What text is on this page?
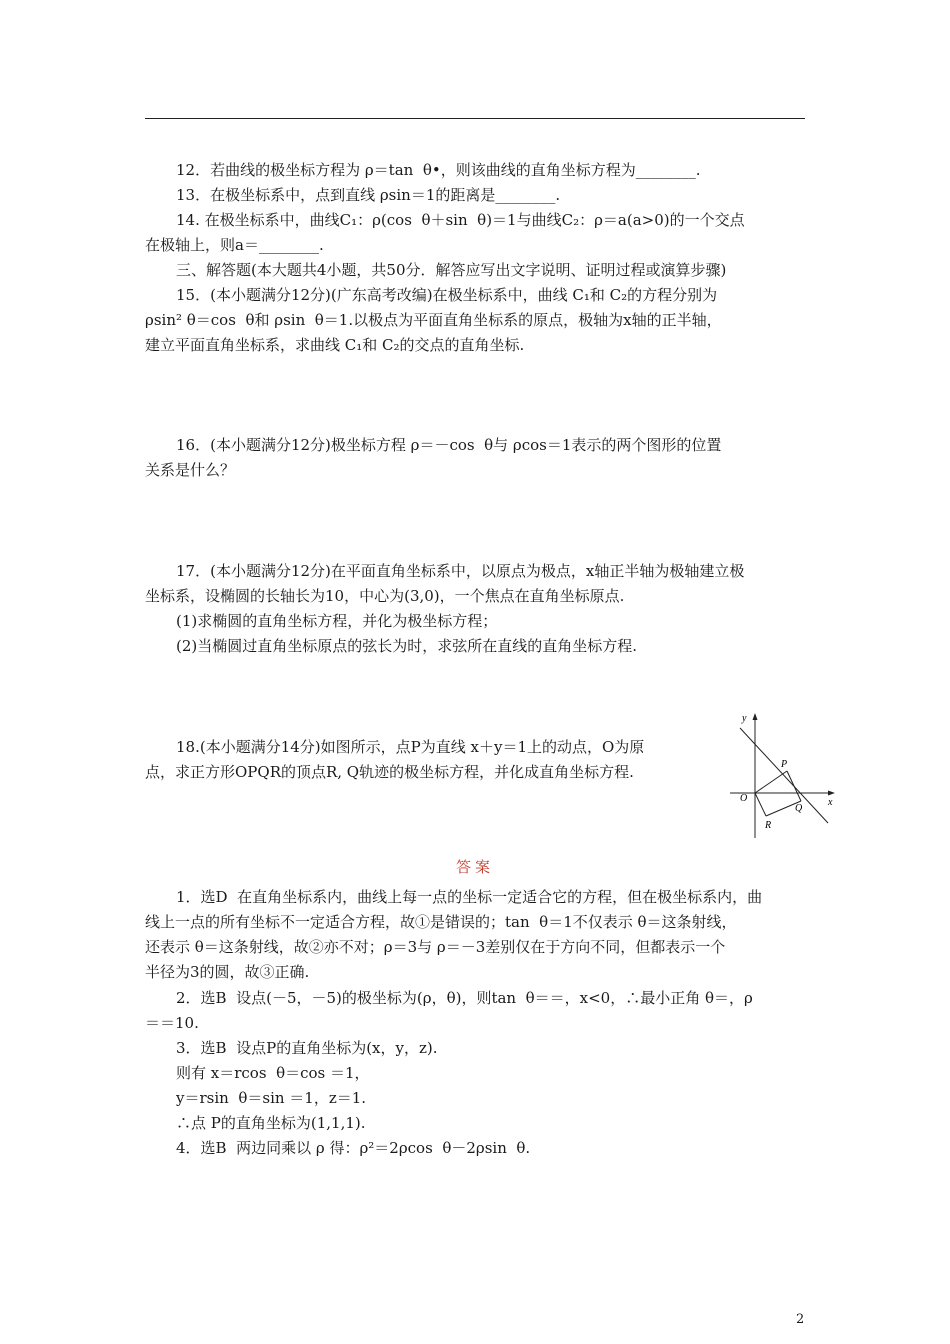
12．若曲线的极坐标方程为 ρ＝tan  θ•，则该曲线的直角坐标方程为________.
13．在极坐标系中，点到直线 ρsin＝1的距离是________.
14. 在极坐标系中，曲线C₁：ρ(cos  θ＋sin  θ)＝1与曲线C₂：ρ＝a(a>0)的一个交点
在极轴上，则a＝________.
三、解答题(本大题共4小题，共50分．解答应写出文字说明、证明过程或演算步骤)
15．(本小题满分12分)(广东高考改编)在极坐标系中，曲线 C₁和 C₂的方程分别为
ρsin² θ＝cos  θ和 ρsin  θ＝1.以极点为平面直角坐标系的原点，极轴为x轴的正半轴，
建立平面直角坐标系，求曲线 C₁和 C₂的交点的直角坐标.
16．(本小题满分12分)极坐标方程 ρ＝－cos  θ与 ρcos＝1表示的两个图形的位置
关系是什么？
17．(本小题满分12分)在平面直角坐标系中，以原点为极点，x轴正半轴为极轴建立极
坐标系，设椭圆的长轴长为10，中心为(3,0)，一个焦点在直角坐标原点.
(1)求椭圆的直角坐标方程，并化为极坐标方程；
(2)当椭圆过直角坐标原点的弦长为时，求弦所在直线的直角坐标方程.
18.(本小题满分14分)如图所示，点P为直线 x＋y＝1上的动点，O为原
点，求正方形OPQR的顶点R, Q轨迹的极坐标方程，并化成直角坐标方程.
y
x
O
P
Q
R
答案
1．选D  在直角坐标系内，曲线上每一点的坐标一定适合它的方程，但在极坐标系内，曲
线上一点的所有坐标不一定适合方程，故①是错误的；tan  θ＝1不仅表示 θ＝这条射线，
还表示 θ＝这条射线，故②亦不对；ρ＝3与 ρ＝－3差别仅在于方向不同，但都表示一个
半径为3的圆，故③正确.
2．选B  设点(－5，－5)的极坐标为(ρ，θ)，则tan  θ＝＝，x<0，∴最小正角 θ＝，ρ
＝＝10.
3．选B  设点P的直角坐标为(x，y，z).
则有 x＝rcos  θ＝cos ＝1，
y＝rsin  θ＝sin ＝1，z＝1.
∴点 P的直角坐标为(1,1,1).
4．选B  两边同乘以 ρ 得：ρ²＝2ρcos  θ－2ρsin  θ.
2
